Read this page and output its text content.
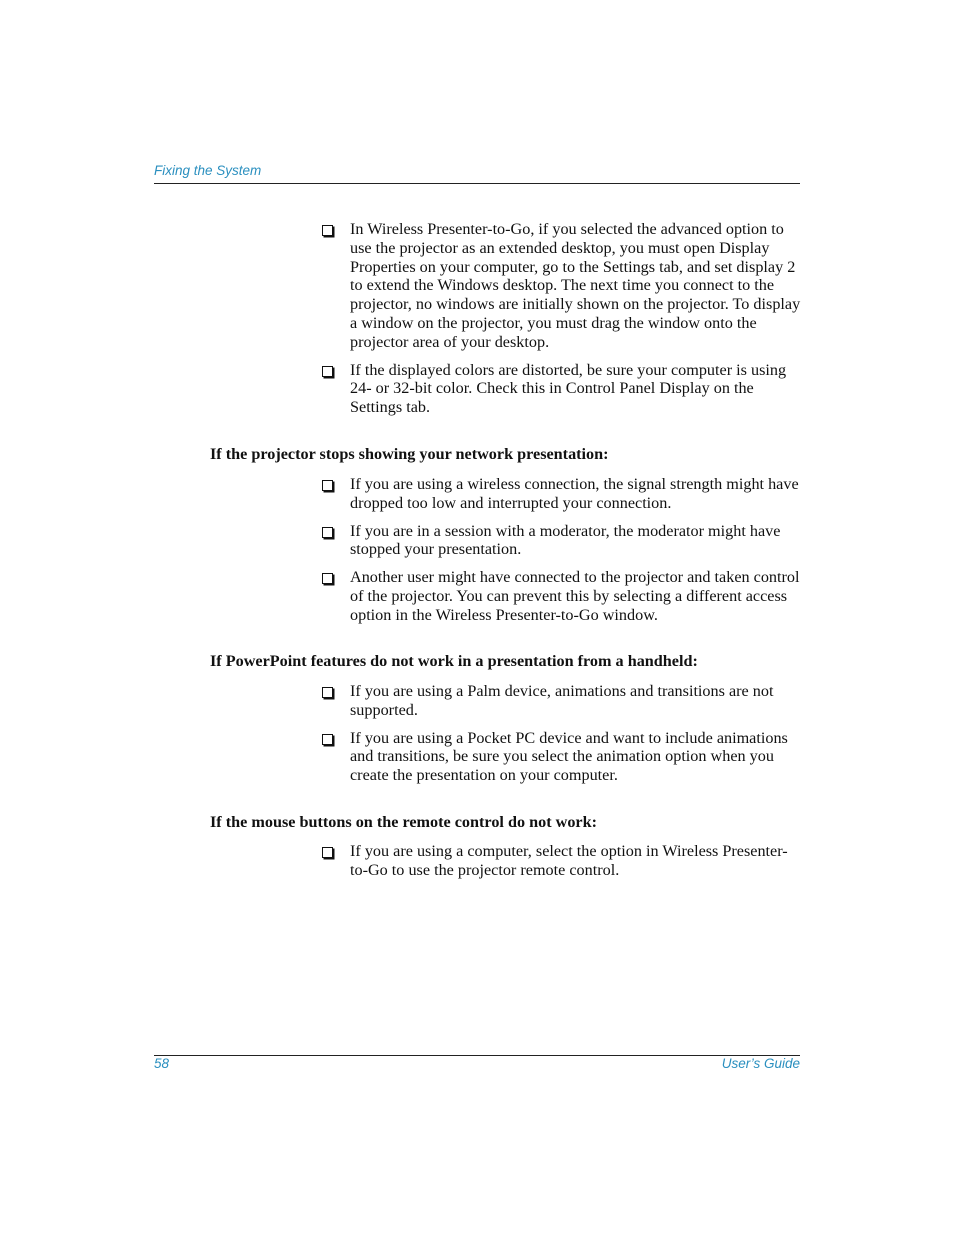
Fixing the System
In Wireless Presenter-to-Go, if you selected the advanced option to use the projector as an extended desktop, you must open Display Properties on your computer, go to the Settings tab, and set display 2 to extend the Windows desktop. The next time you connect to the projector, no windows are initially shown on the projector. To display a window on the projector, you must drag the window onto the projector area of your desktop.
If the displayed colors are distorted, be sure your computer is using 24- or 32-bit color. Check this in Control Panel Display on the Settings tab.
If the projector stops showing your network presentation:
If you are using a wireless connection, the signal strength might have dropped too low and interrupted your connection.
If you are in a session with a moderator, the moderator might have stopped your presentation.
Another user might have connected to the projector and taken control of the projector. You can prevent this by selecting a different access option in the Wireless Presenter-to-Go window.
If PowerPoint features do not work in a presentation from a handheld:
If you are using a Palm device, animations and transitions are not supported.
If you are using a Pocket PC device and want to include animations and transitions, be sure you select the animation option when you create the presentation on your computer.
If the mouse buttons on the remote control do not work:
If you are using a computer, select the option in Wireless Presenter-to-Go to use the projector remote control.
58	User’s Guide
